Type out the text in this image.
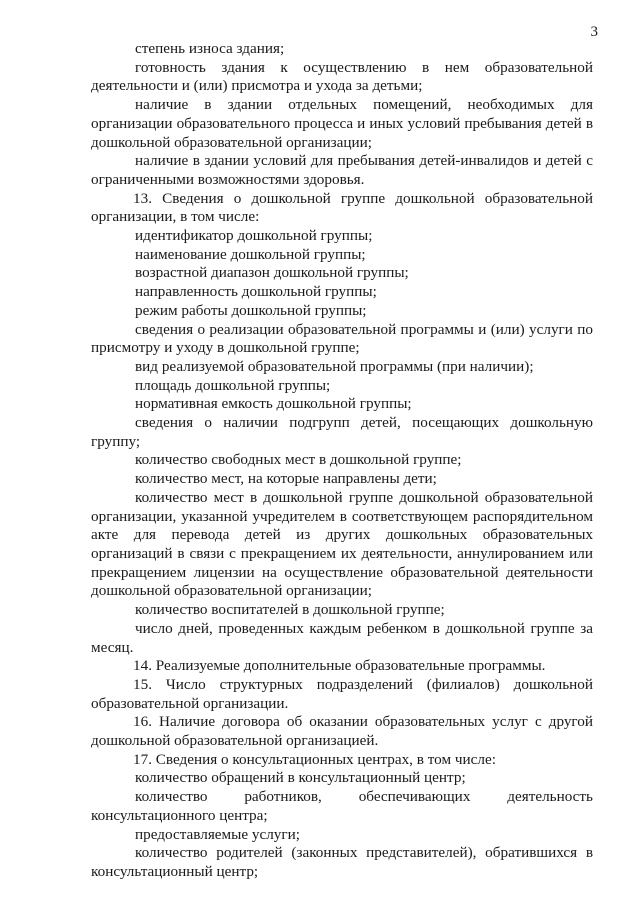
3

степень износа здания;

готовность здания к осуществлению в нем образовательной деятельности и (или) присмотра и ухода за детьми;

наличие в здании отдельных помещений, необходимых для организации образовательного процесса и иных условий пребывания детей в дошкольной образовательной организации;

наличие в здании условий для пребывания детей-инвалидов и детей с ограниченными возможностями здоровья.

13. Сведения о дошкольной группе дошкольной образовательной организации, в том числе:

идентификатор дошкольной группы;

наименование дошкольной группы;

возрастной диапазон дошкольной группы;

направленность дошкольной группы;

режим работы дошкольной группы;

сведения о реализации образовательной программы и (или) услуги по присмотру и уходу в дошкольной группе;

вид реализуемой образовательной программы (при наличии);

площадь дошкольной группы;

нормативная емкость дошкольной группы;

сведения о наличии подгрупп детей, посещающих дошкольную группу;

количество свободных мест в дошкольной группе;

количество мест, на которые направлены дети;

количество мест в дошкольной группе дошкольной образовательной организации, указанной учредителем в соответствующем распорядительном акте для перевода детей из других дошкольных образовательных организаций в связи с прекращением их деятельности, аннулированием или прекращением лицензии на осуществление образовательной деятельности дошкольной образовательной организации;

количество воспитателей в дошкольной группе;

число дней, проведенных каждым ребенком в дошкольной группе за месяц.

14. Реализуемые дополнительные образовательные программы.

15. Число структурных подразделений (филиалов) дошкольной образовательной организации.

16. Наличие договора об оказании образовательных услуг с другой дошкольной образовательной организацией.

17. Сведения о консультационных центрах, в том числе:

количество обращений в консультационный центр;

количество работников, обеспечивающих деятельность консультационного центра;

предоставляемые услуги;

количество родителей (законных представителей), обратившихся в консультационный центр;
